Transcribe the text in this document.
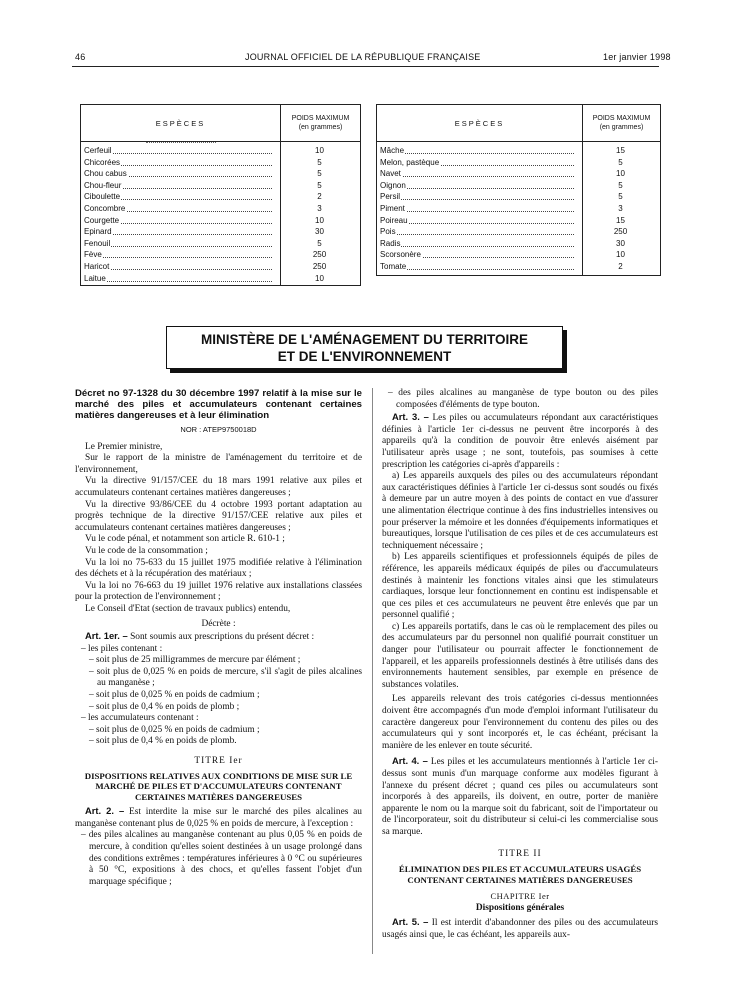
46	JOURNAL OFFICIEL DE LA RÉPUBLIQUE FRANÇAISE	1er janvier 1998
ESPÈCES	POIDS MAXIMUM
(en grammes)
Cerfeuil	10
Chicorées	5
Chou cabus	5
Chou-fleur	5
Ciboulette	2
Concombre	3
Courgette	10
Epinard	30
Fenouil	5
Fève	250
Haricot	250
Laitue	10
ESPÈCES	POIDS MAXIMUM
(en grammes)
Mâche	15
Melon, pastèque	5
Navet	10
Oignon	5
Persil	5
Piment	3
Poireau	15
Pois	250
Radis	30
Scorsonère	10
Tomate	2
MINISTÈRE DE L'AMÉNAGEMENT DU TERRITOIRE
ET DE L'ENVIRONNEMENT

Décret no 97-1328 du 30 décembre 1997 relatif à la mise sur le marché des piles et accumulateurs contenant certaines matières dangereuses et à leur élimination

NOR : ATEP9750018D

Le Premier ministre,

Sur le rapport de la ministre de l'aménagement du territoire et de l'environnement,

Vu la directive 91/157/CEE du 18 mars 1991 relative aux piles et accumulateurs contenant certaines matières dangereuses ;

Vu la directive 93/86/CEE du 4 octobre 1993 portant adaptation au progrès technique de la directive 91/157/CEE relative aux piles et accumulateurs contenant certaines matières dangereuses ;

Vu le code pénal, et notamment son article R. 610-1 ;

Vu le code de la consommation ;

Vu la loi no 75-633 du 15 juillet 1975 modifiée relative à l'élimination des déchets et à la récupération des matériaux ;

Vu la loi no 76-663 du 19 juillet 1976 relative aux installations classées pour la protection de l'environnement ;

Le Conseil d'Etat (section de travaux publics) entendu,

Décrète :

Art. 1er. – Sont soumis aux prescriptions du présent décret :

– les piles contenant :

– soit plus de 25 milligrammes de mercure par élément ;

– soit plus de 0,025 % en poids de mercure, s'il s'agit de piles alcalines au manganèse ;

– soit plus de 0,025 % en poids de cadmium ;

– soit plus de 0,4 % en poids de plomb ;

– les accumulateurs contenant :

– soit plus de 0,025 % en poids de cadmium ;

– soit plus de 0,4 % en poids de plomb.

TITRE Ier

DISPOSITIONS RELATIVES AUX CONDITIONS DE MISE SUR LE MARCHÉ DE PILES ET D'ACCUMULATEURS CONTENANT CERTAINES MATIÈRES DANGEREUSES

Art. 2. – Est interdite la mise sur le marché des piles alcalines au manganèse contenant plus de 0,025 % en poids de mercure, à l'exception :

– des piles alcalines au manganèse contenant au plus 0,05 % en poids de mercure, à condition qu'elles soient destinées à un usage prolongé dans des conditions extrêmes : températures inférieures à 0 °C ou supérieures à 50 °C, expositions à des chocs, et qu'elles fassent l'objet d'un marquage spécifique ;

– des piles alcalines au manganèse de type bouton ou des piles composées d'éléments de type bouton.

Art. 3. – Les piles ou accumulateurs répondant aux caractéristiques définies à l'article 1er ci-dessus ne peuvent être incorporés à des appareils qu'à la condition de pouvoir être enlevés aisément par l'utilisateur après usage ; ne sont, toutefois, pas soumises à cette prescription les catégories ci-après d'appareils :

a) Les appareils auxquels des piles ou des accumulateurs répondant aux caractéristiques définies à l'article 1er ci-dessus sont soudés ou fixés à demeure par un autre moyen à des points de contact en vue d'assurer une alimentation électrique continue à des fins industrielles intensives ou pour préserver la mémoire et les données d'équipements informatiques et bureautiques, lorsque l'utilisation de ces piles et de ces accumulateurs est techniquement nécessaire ;

b) Les appareils scientifiques et professionnels équipés de piles de référence, les appareils médicaux équipés de piles ou d'accumulateurs destinés à maintenir les fonctions vitales ainsi que les stimulateurs cardiaques, lorsque leur fonctionnement en continu est indispensable et que ces piles et ces accumulateurs ne peuvent être enlevés que par un personnel qualifié ;

c) Les appareils portatifs, dans le cas où le remplacement des piles ou des accumulateurs par du personnel non qualifié pourrait constituer un danger pour l'utilisateur ou pourrait affecter le fonctionnement de l'appareil, et les appareils professionnels destinés à être utilisés dans des environnements hautement sensibles, par exemple en présence de substances volatiles.

Les appareils relevant des trois catégories ci-dessus mentionnées doivent être accompagnés d'un mode d'emploi informant l'utilisateur du caractère dangereux pour l'environnement du contenu des piles ou des accumulateurs qui y sont incorporés et, le cas échéant, précisant la manière de les enlever en toute sécurité.

Art. 4. – Les piles et les accumulateurs mentionnés à l'article 1er ci-dessus sont munis d'un marquage conforme aux modèles figurant à l'annexe du présent décret ; quand ces piles ou accumulateurs sont incorporés à des appareils, ils doivent, en outre, porter de manière apparente le nom ou la marque soit du fabricant, soit de l'importateur ou de l'incorporateur, soit du distributeur si celui-ci les commercialise sous sa marque.

TITRE II

ÉLIMINATION DES PILES ET ACCUMULATEURS USAGÉS CONTENANT CERTAINES MATIÈRES DANGEREUSES

CHAPITRE Ier

Dispositions générales

Art. 5. – Il est interdit d'abandonner des piles ou des accumulateurs usagés ainsi que, le cas échéant, les appareils aux-
